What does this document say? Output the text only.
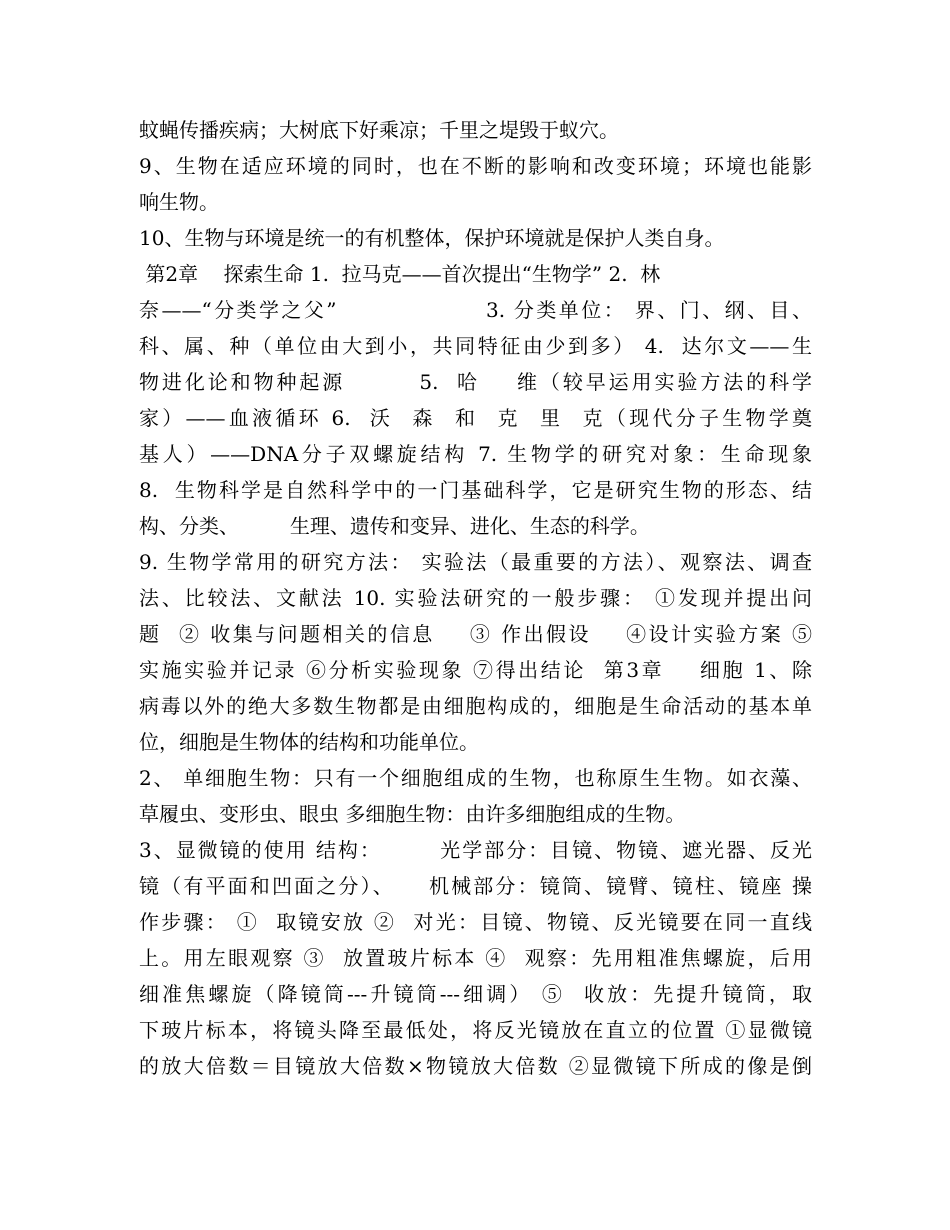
蚊蝇传播疾病；大树底下好乘凉；千里之堤毁于蚁穴。
9、生物在适应环境的同时，也在不断的影响和改变环境；环境也能影
响生物。
10、生物与环境是统一的有机整体，保护环境就是保护人类自身。
第2章    探索生命 1.  拉马克——首次提出“生物学” 2.  林
奈——“分类学之父”                 3. 分类单位： 界、门、纲、目、
科、属、种（单位由大到小，共同特征由少到多） 4.  达尔文——生
物进化论和物种起源        5.  哈    维（较早运用实验方法的科学
家）——血液循环 6.  沃  森  和  克  里  克（现代分子生物学奠
基人）——DNA分子双螺旋结构 7. 生物学的研究对象：生命现象
8.  生物科学是自然科学中的一门基础科学，它是研究生物的形态、结
构、分类、        生理、遗传和变异、进化、生态的科学。
9. 生物学常用的研究方法： 实验法（最重要的方法）、观察法、调查
法、比较法、文献法 10. 实验法研究的一般步骤： ①发现并提出问
题  ② 收集与问题相关的信息    ③ 作出假设    ④设计实验方案 ⑤
实施实验并记录 ⑥分析实验现象 ⑦得出结论  第3章    细胞 1、除
病毒以外的绝大多数生物都是由细胞构成的，细胞是生命活动的基本单
位，细胞是生物体的结构和功能单位。
2、 单细胞生物：只有一个细胞组成的生物，也称原生生物。如衣藻、
草履虫、变形虫、眼虫 多细胞生物：由许多细胞组成的生物。
3、显微镜的使用 结构：       光学部分：目镜、物镜、遮光器、反光
镜（有平面和凹面之分）、    机械部分：镜筒、镜臂、镜柱、镜座 操
作步骤： ①  取镜安放 ②  对光：目镜、物镜、反光镜要在同一直线
上。用左眼观察 ③  放置玻片标本 ④  观察：先用粗准焦螺旋，后用
细准焦螺旋（降镜筒---升镜筒---细调） ⑤  收放：先提升镜筒，取
下玻片标本，将镜头降至最低处，将反光镜放在直立的位置 ①显微镜
的放大倍数＝目镜放大倍数×物镜放大倍数 ②显微镜下所成的像是倒
